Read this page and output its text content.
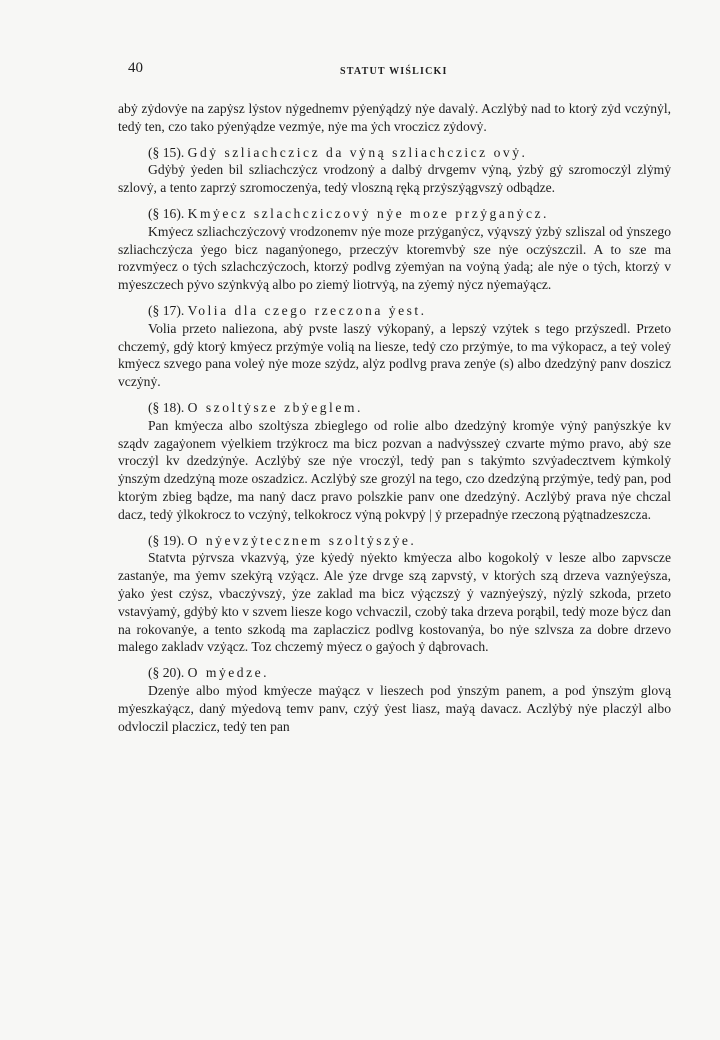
40	STATUT WIŚLICKI

abẏ zẏdovẏe na zapẏsz lẏstov nẏgednemv pẏenẏądzẏ nẏe davalẏ. Aczlẏbẏ nad to ktorẏ zẏd vczẏnẏl, tedẏ ten, czo tako pẏenẏądze vezmẏe, nẏe ma ẏch vroczicz zẏdovẏ.

(§ 15). Gdẏ szliachczicz da vẏną szliachczicz ovẏ.
Gdẏbẏ ẏeden bil szliachczẏcz vrodzonẏ a dalbẏ drvgemv vẏną, ẏzbẏ gẏ szromoczẏl zlẏmẏ szlovẏ, a tento zaprzẏ szromoczenẏa, tedẏ vloszną ręką przẏszẏągvszẏ odbądze.
(§ 16). Kmẏecz szlachcziczovẏ nẏe moze przẏganẏcz.
Kmẏecz szliachczẏczovẏ vrodzonemv nẏe moze przẏganẏcz, vẏąvszẏ ẏzbẏ szliszal od ẏnszego szliachczẏcza ẏego bicz naganẏonego, przeczẏv ktoremvbẏ sze nẏe oczẏszczil. A to sze ma rozvmẏecz o tẏch szlachczẏczoch, ktorzẏ podlvg zẏemẏan na voẏną ẏadą; ale nẏe o tẏch, ktorzẏ v mẏeszczech pẏvo szẏnkvẏą albo po ziemẏ liotrvẏą, na zẏemẏ nẏcz nẏemaẏącz.
(§ 17). Volia dla czego rzeczona ẏest.
Volia przeto naliezona, abẏ pvste laszẏ vẏkopanẏ, a lepszẏ vzẏtek s tego przẏszedl. Przeto chczemẏ, gdẏ ktorẏ kmẏecz przẏmẏe volią na liesze, tedẏ czo przẏmẏe, to ma vẏkopacz, a teẏ voleẏ kmẏecz szvego pana voleẏ nẏe moze szẏdz, alẏz podlvg prava zenẏe (s) albo dzedzẏnẏ panv doszicz vczẏnẏ.
(§ 18). O szoltẏsze zbẏeglem.
Pan kmẏecza albo szoltẏsza zbieglego od rolie albo dzedzẏnẏ kromẏe vẏnẏ panẏszkẏe kv sządv zagaẏonem vẏelkiem trzẏkrocz ma bicz pozvan a nadvẏsszeẏ czvarte mẏmo pravo, abẏ sze vroczẏl kv dzedzẏnẏe. Aczlẏbẏ sze nẏe vroczẏl, tedẏ pan s takẏmto szvẏadecztvem kẏmkolẏ ẏnszẏm dzedzẏną moze oszadzicz. Aczlẏbẏ sze grozẏl na tego, czo dzedzẏną przẏmẏe, tedẏ pan, pod ktorẏm zbieg bądze, ma nanẏ dacz pravo polszkie panv one dzedzẏnẏ. Aczlẏbẏ prava nẏe chczal dacz, tedẏ ẏlkokrocz to vczẏnẏ, telkokrocz vẏną pokvpẏ | ẏ przepadnẏe rzeczoną pẏątnadzeszcza.
(§ 19). O nẏevzẏtecznem szoltẏszẏe.
Statvta pẏrvsza vkazvẏą, ẏze kẏedẏ nẏekto kmẏecza albo kogokolẏ v lesze albo zapvscze zastanẏe, ma ẏemv szekẏrą vzẏącz. Ale ẏze drvge szą zapvstẏ, v ktorẏch szą drzeva vaznẏeẏsza, ẏako ẏest czẏsz, vbaczẏvszẏ, ẏze zaklad ma bicz vẏączszẏ ẏ vaznẏeẏszẏ, nẏzlẏ szkoda, przeto vstavẏamẏ, gdẏbẏ kto v szvem liesze kogo vchvaczil, czobẏ taka drzeva porąbil, tedẏ moze bẏcz dan na rokovanẏe, a tento szkodą ma zaplaczicz podlvg kostovanẏa, bo nẏe szlvsza za dobre drzevo malego zakladv vzẏącz. Toz chczemẏ mẏecz o gaẏoch ẏ dąbrovach.
(§ 20). O mẏedze.
Dzenẏe albo mẏod kmẏecze maẏącz v lieszech pod ẏnszẏm panem, a pod ẏnszẏm glovą mẏeszkaẏącz, danẏ mẏedovą temv panv, czẏẏ ẏest liasz, maẏą davacz. Aczlẏbẏ nẏe placzẏl albo odvloczil placzicz, tedẏ ten pan
